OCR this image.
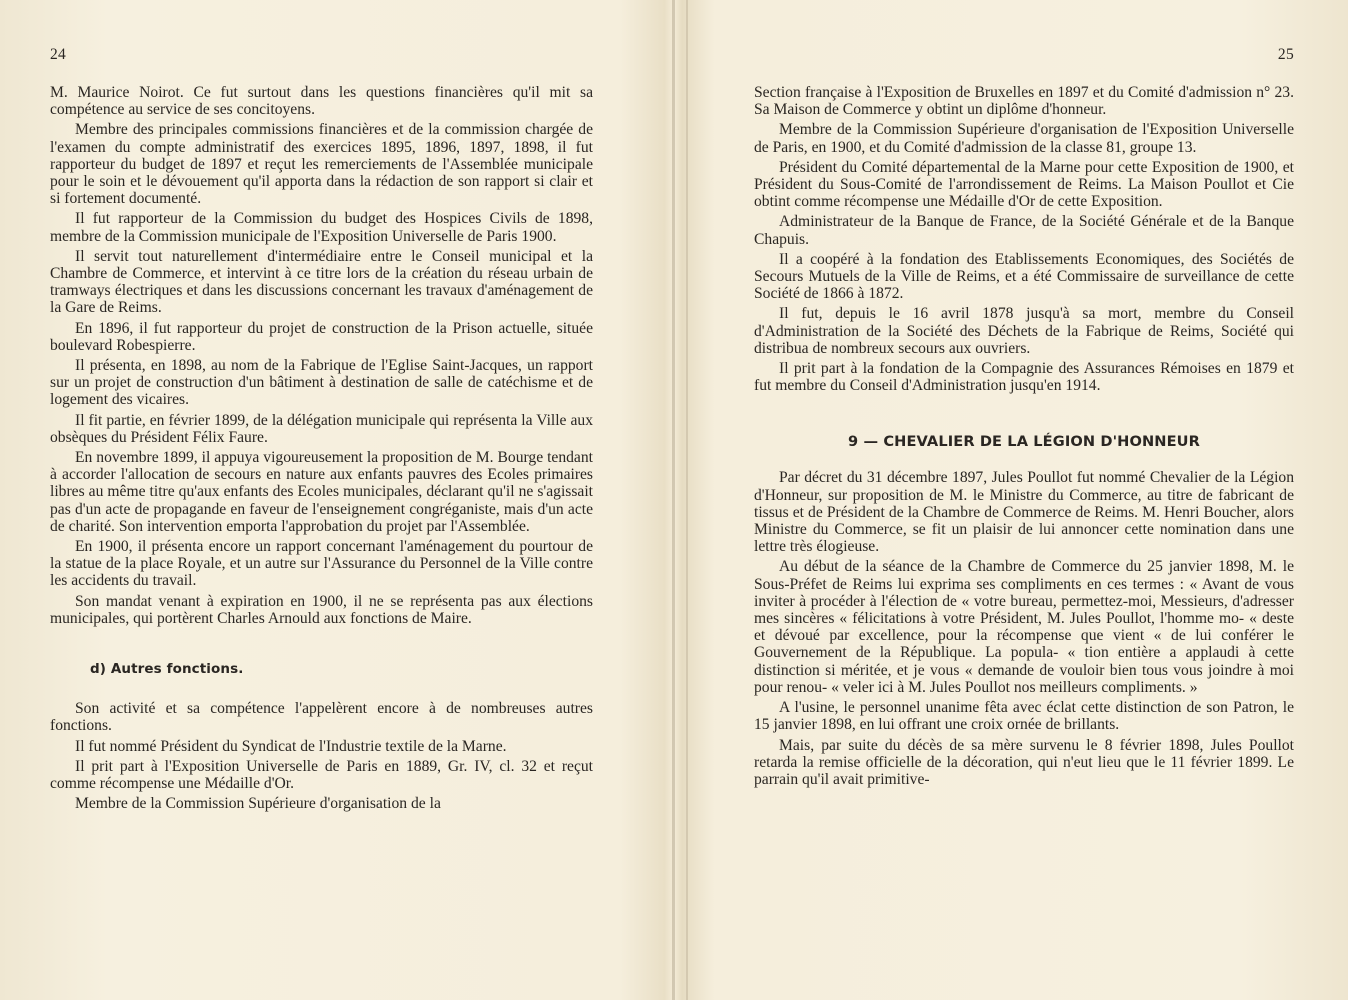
24

M. Maurice Noirot. Ce fut surtout dans les questions financières qu'il mit sa compétence au service de ses concitoyens.

Membre des principales commissions financières et de la commission chargée de l'examen du compte administratif des exercices 1895, 1896, 1897, 1898, il fut rapporteur du budget de 1897 et reçut les remerciements de l'Assemblée municipale pour le soin et le dévouement qu'il apporta dans la rédaction de son rapport si clair et si fortement documenté.

Il fut rapporteur de la Commission du budget des Hospices Civils de 1898, membre de la Commission municipale de l'Exposition Universelle de Paris 1900.

Il servit tout naturellement d'intermédiaire entre le Conseil municipal et la Chambre de Commerce, et intervint à ce titre lors de la création du réseau urbain de tramways électriques et dans les discussions concernant les travaux d'aménagement de la Gare de Reims.

En 1896, il fut rapporteur du projet de construction de la Prison actuelle, située boulevard Robespierre.

Il présenta, en 1898, au nom de la Fabrique de l'Eglise Saint-Jacques, un rapport sur un projet de construction d'un bâtiment à destination de salle de catéchisme et de logement des vicaires.

Il fit partie, en février 1899, de la délégation municipale qui représenta la Ville aux obsèques du Président Félix Faure.

En novembre 1899, il appuya vigoureusement la proposition de M. Bourge tendant à accorder l'allocation de secours en nature aux enfants pauvres des Ecoles primaires libres au même titre qu'aux enfants des Ecoles municipales, déclarant qu'il ne s'agissait pas d'un acte de propagande en faveur de l'enseignement congréganiste, mais d'un acte de charité. Son intervention emporta l'approbation du projet par l'Assemblée.

En 1900, il présenta encore un rapport concernant l'aménagement du pourtour de la statue de la place Royale, et un autre sur l'Assurance du Personnel de la Ville contre les accidents du travail.

Son mandat venant à expiration en 1900, il ne se représenta pas aux élections municipales, qui portèrent Charles Arnould aux fonctions de Maire.

d) Autres fonctions.

Son activité et sa compétence l'appelèrent encore à de nombreuses autres fonctions.

Il fut nommé Président du Syndicat de l'Industrie textile de la Marne.

Il prit part à l'Exposition Universelle de Paris en 1889, Gr. IV, cl. 32 et reçut comme récompense une Médaille d'Or.

Membre de la Commission Supérieure d'organisation de la

25

Section française à l'Exposition de Bruxelles en 1897 et du Comité d'admission n° 23. Sa Maison de Commerce y obtint un diplôme d'honneur.

Membre de la Commission Supérieure d'organisation de l'Exposition Universelle de Paris, en 1900, et du Comité d'admission de la classe 81, groupe 13.

Président du Comité départemental de la Marne pour cette Exposition de 1900, et Président du Sous-Comité de l'arrondissement de Reims. La Maison Poullot et Cie obtint comme récompense une Médaille d'Or de cette Exposition.

Administrateur de la Banque de France, de la Société Générale et de la Banque Chapuis.

Il a coopéré à la fondation des Etablissements Economiques, des Sociétés de Secours Mutuels de la Ville de Reims, et a été Commissaire de surveillance de cette Société de 1866 à 1872.

Il fut, depuis le 16 avril 1878 jusqu'à sa mort, membre du Conseil d'Administration de la Société des Déchets de la Fabrique de Reims, Société qui distribua de nombreux secours aux ouvriers.

Il prit part à la fondation de la Compagnie des Assurances Rémoises en 1879 et fut membre du Conseil d'Administration jusqu'en 1914.

9 — CHEVALIER DE LA LÉGION D'HONNEUR

Par décret du 31 décembre 1897, Jules Poullot fut nommé Chevalier de la Légion d'Honneur, sur proposition de M. le Ministre du Commerce, au titre de fabricant de tissus et de Président de la Chambre de Commerce de Reims. M. Henri Boucher, alors Ministre du Commerce, se fit un plaisir de lui annoncer cette nomination dans une lettre très élogieuse.

Au début de la séance de la Chambre de Commerce du 25 janvier 1898, M. le Sous-Préfet de Reims lui exprima ses compliments en ces termes : « Avant de vous inviter à procéder à l'élection de « votre bureau, permettez-moi, Messieurs, d'adresser mes sincères « félicitations à votre Président, M. Jules Poullot, l'homme mo- « deste et dévoué par excellence, pour la récompense que vient « de lui conférer le Gouvernement de la République. La popula- « tion entière a applaudi à cette distinction si méritée, et je vous « demande de vouloir bien tous vous joindre à moi pour renou- « veler ici à M. Jules Poullot nos meilleurs compliments. »

A l'usine, le personnel unanime fêta avec éclat cette distinction de son Patron, le 15 janvier 1898, en lui offrant une croix ornée de brillants.

Mais, par suite du décès de sa mère survenu le 8 février 1898, Jules Poullot retarda la remise officielle de la décoration, qui n'eut lieu que le 11 février 1899. Le parrain qu'il avait primitive-
